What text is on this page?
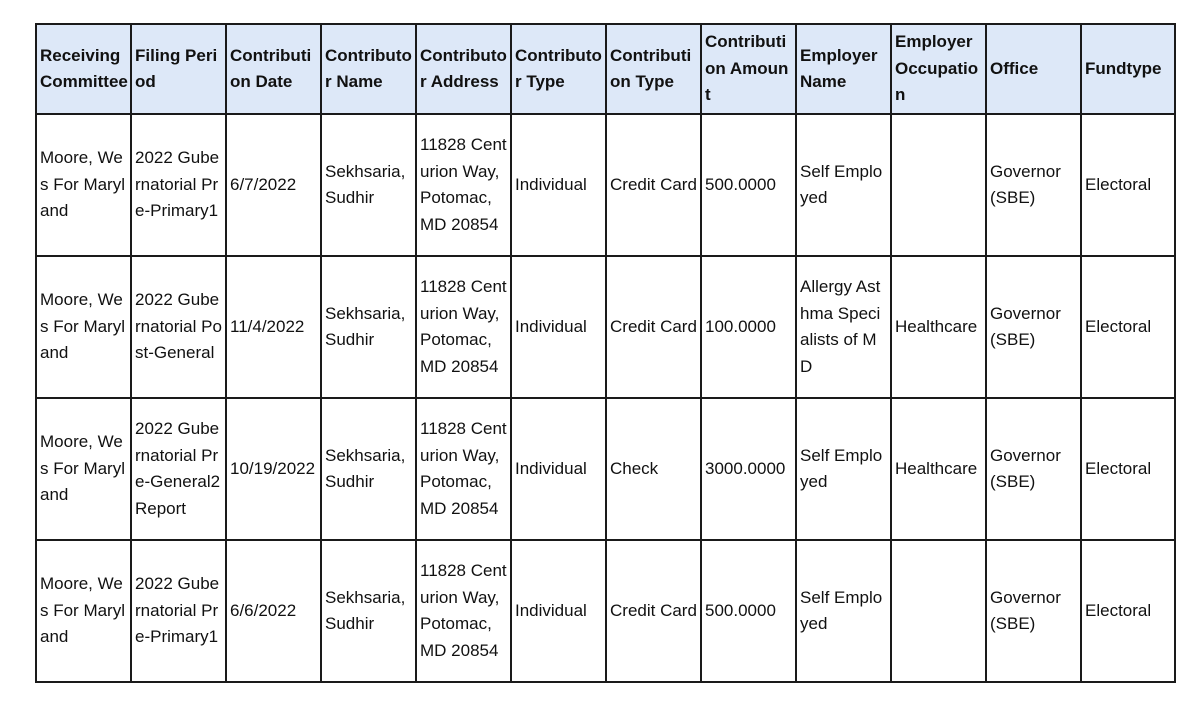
Receiving Committee	Filing Period	Contribution Date	Contributor Name	Contributor Address	Contributor Type	Contribution Type	Contribution Amount	Employer Name	Employer Occupation	Office	Fundtype
Moore, Wes For Maryland	2022 Gubernatorial Pre-Primary1	6/7/2022	Sekhsaria, Sudhir	11828 Centurion Way, Potomac, MD 20854	Individual	Credit Card	500.0000	Self Employed		Governor (SBE)	Electoral
Moore, Wes For Maryland	2022 Gubernatorial Post-General	11/4/2022	Sekhsaria, Sudhir	11828 Centurion Way, Potomac, MD 20854	Individual	Credit Card	100.0000	Allergy Asthma Specialists of MD	Healthcare	Governor (SBE)	Electoral
Moore, Wes For Maryland	2022 Gubernatorial Pre-General2 Report	10/19/2022	Sekhsaria, Sudhir	11828 Centurion Way, Potomac, MD 20854	Individual	Check	3000.0000	Self Employed	Healthcare	Governor (SBE)	Electoral
Moore, Wes For Maryland	2022 Gubernatorial Pre-Primary1	6/6/2022	Sekhsaria, Sudhir	11828 Centurion Way, Potomac, MD 20854	Individual	Credit Card	500.0000	Self Employed		Governor (SBE)	Electoral
